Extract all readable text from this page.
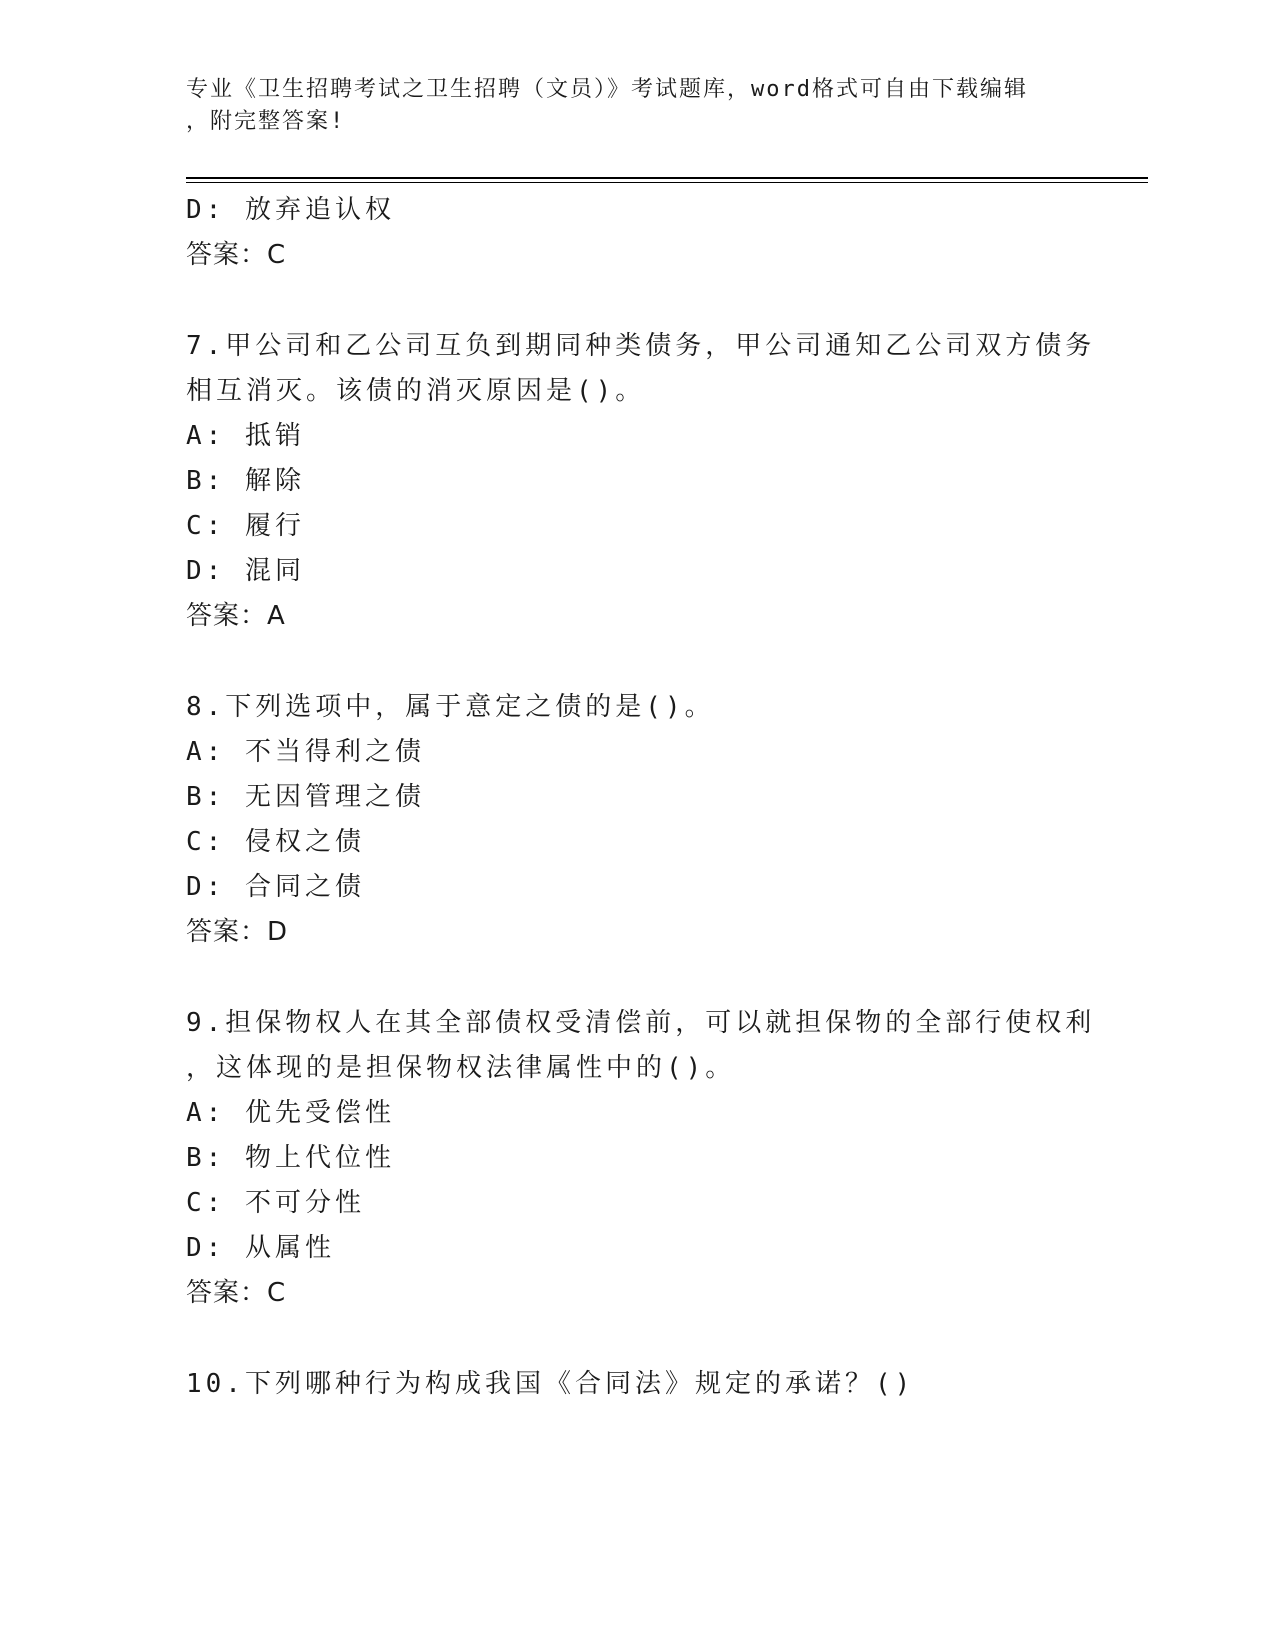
专业《卫生招聘考试之卫生招聘（文员）》考试题库，word格式可自由下载编辑
，附完整答案!
D: 放弃追认权
答案：C
7.甲公司和乙公司互负到期同种类债务，甲公司通知乙公司双方债务
相互消灭。该债的消灭原因是()。
A: 抵销
B: 解除
C: 履行
D: 混同
答案：A
8.下列选项中，属于意定之债的是()。
A: 不当得利之债
B: 无因管理之债
C: 侵权之债
D: 合同之债
答案：D
9.担保物权人在其全部债权受清偿前，可以就担保物的全部行使权利
，这体现的是担保物权法律属性中的()。
A: 优先受偿性
B: 物上代位性
C: 不可分性
D: 从属性
答案：C
10.下列哪种行为构成我国《合同法》规定的承诺？()
